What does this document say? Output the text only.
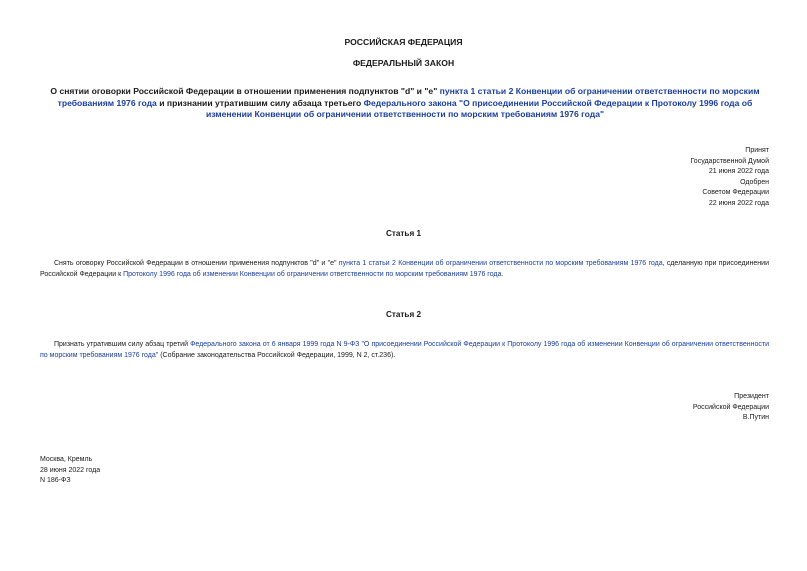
РОССИЙСКАЯ ФЕДЕРАЦИЯ
ФЕДЕРАЛЬНЫЙ ЗАКОН
О снятии оговорки Российской Федерации в отношении применения подпунктов "d" и "e" пункта 1 статьи 2 Конвенции об ограничении ответственности по морским требованиям 1976 года и признании утратившим силу абзаца третьего Федерального закона "О присоединении Российской Федерации к Протоколу 1996 года об изменении Конвенции об ограничении ответственности по морским требованиям 1976 года"
Принят
Государственной Думой
21 июня 2022 года
Одобрен
Советом Федерации
22 июня 2022 года
Статья 1
Снять оговорку Российской Федерации в отношении применения подпунктов "d" и "e" пункта 1 статьи 2 Конвенции об ограничении ответственности по морским требованиям 1976 года, сделанную при присоединении Российской Федерации к Протоколу 1996 года об изменении Конвенции об ограничении ответственности по морским требованиям 1976 года.
Статья 2
Признать утратившим силу абзац третий Федерального закона от 6 января 1999 года N 9-ФЗ "О присоединении Российской Федерации к Протоколу 1996 года об изменении Конвенции об ограничении ответственности по морским требованиям 1976 года" (Собрание законодательства Российской Федерации, 1999, N 2, ст.236).
Президент
Российской Федерации
В.Путин
Москва, Кремль
28 июня 2022 года
N 186-ФЗ
